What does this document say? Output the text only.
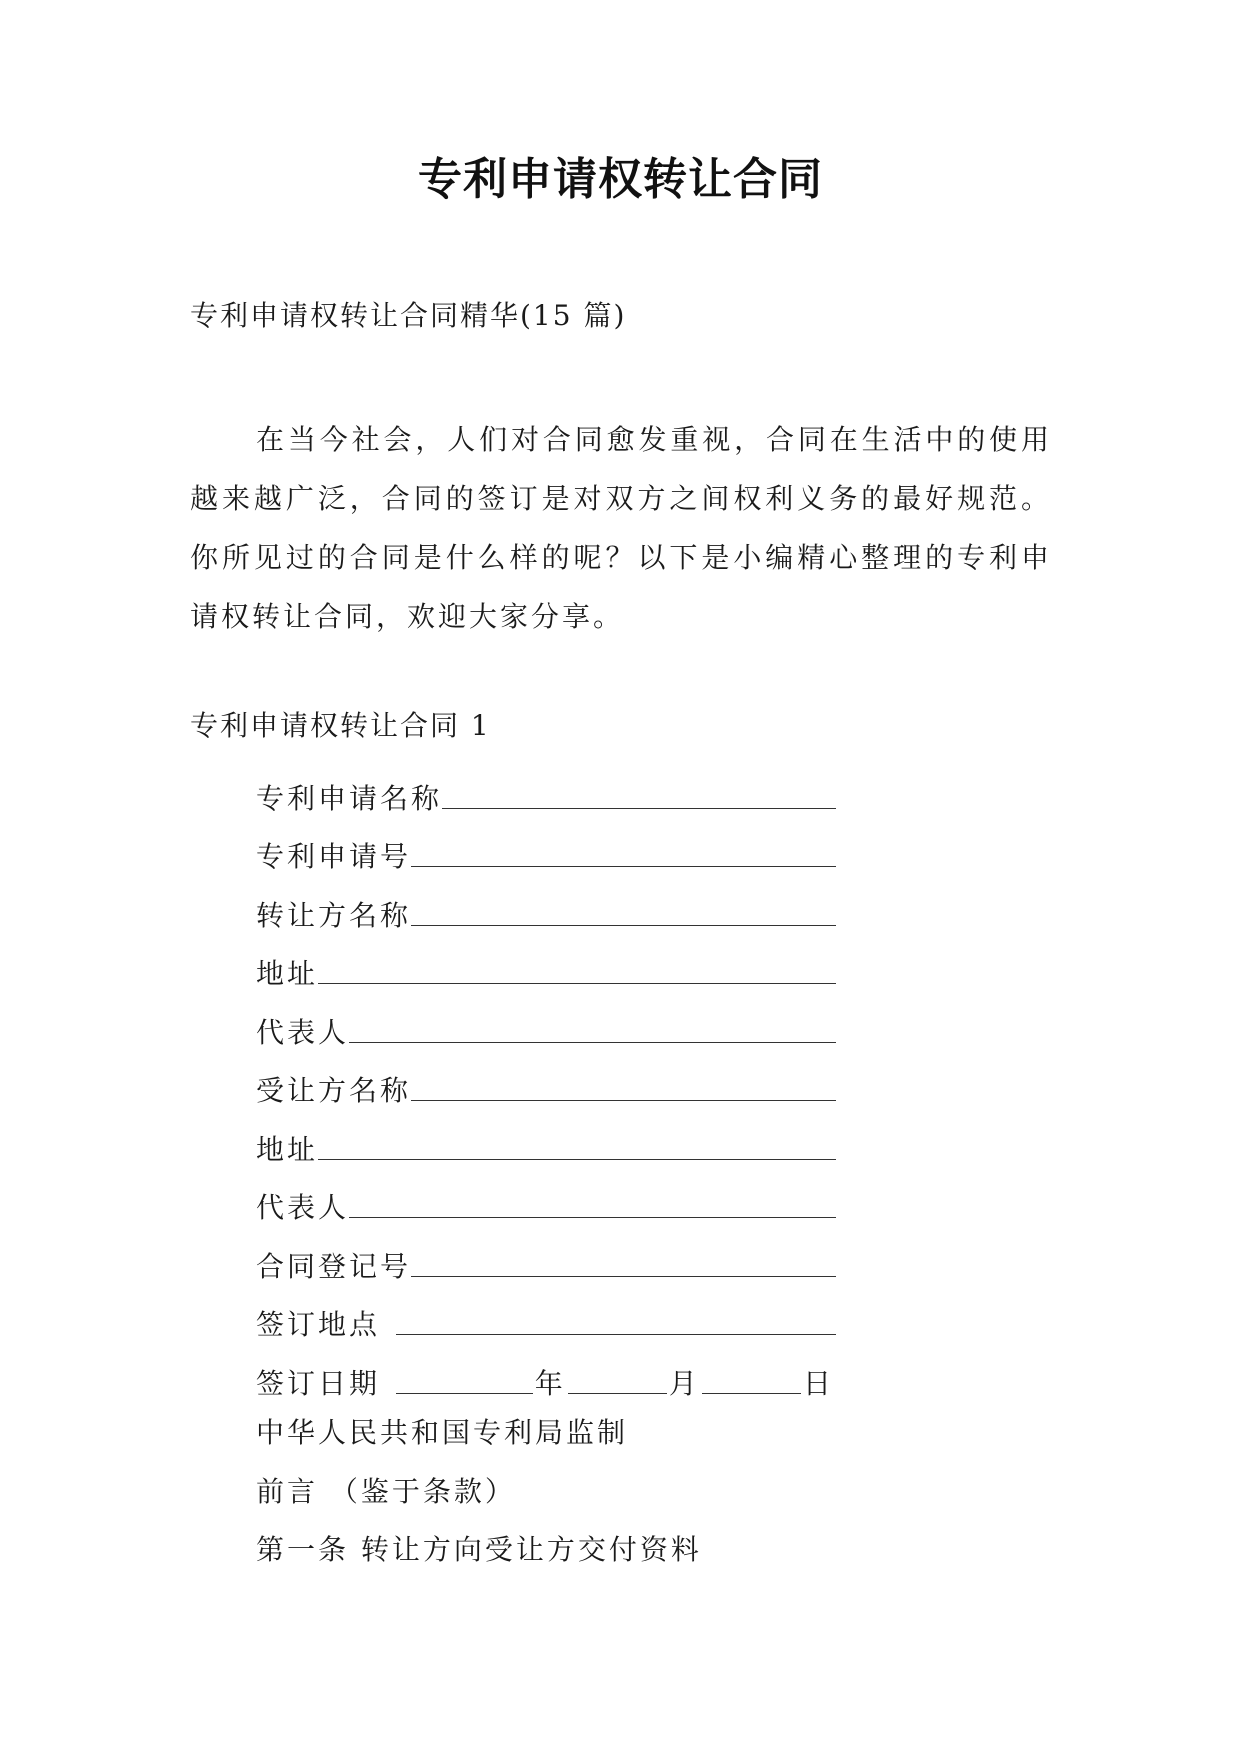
专利申请权转让合同

专利申请权转让合同精华(15 篇)

在当今社会，人们对合同愈发重视，合同在生活中的使用越来越广泛，合同的签订是对双方之间权利义务的最好规范。你所见过的合同是什么样的呢？以下是小编精心整理的专利申请权转让合同，欢迎大家分享。

专利申请权转让合同 1

专利申请名称
专利申请号
转让方名称
地址
代表人
受让方名称
地址
代表人
合同登记号
签订地点
签订日期	年	月	日
中华人民共和国专利局监制
前言 （鉴于条款）
第一条 转让方向受让方交付资料
